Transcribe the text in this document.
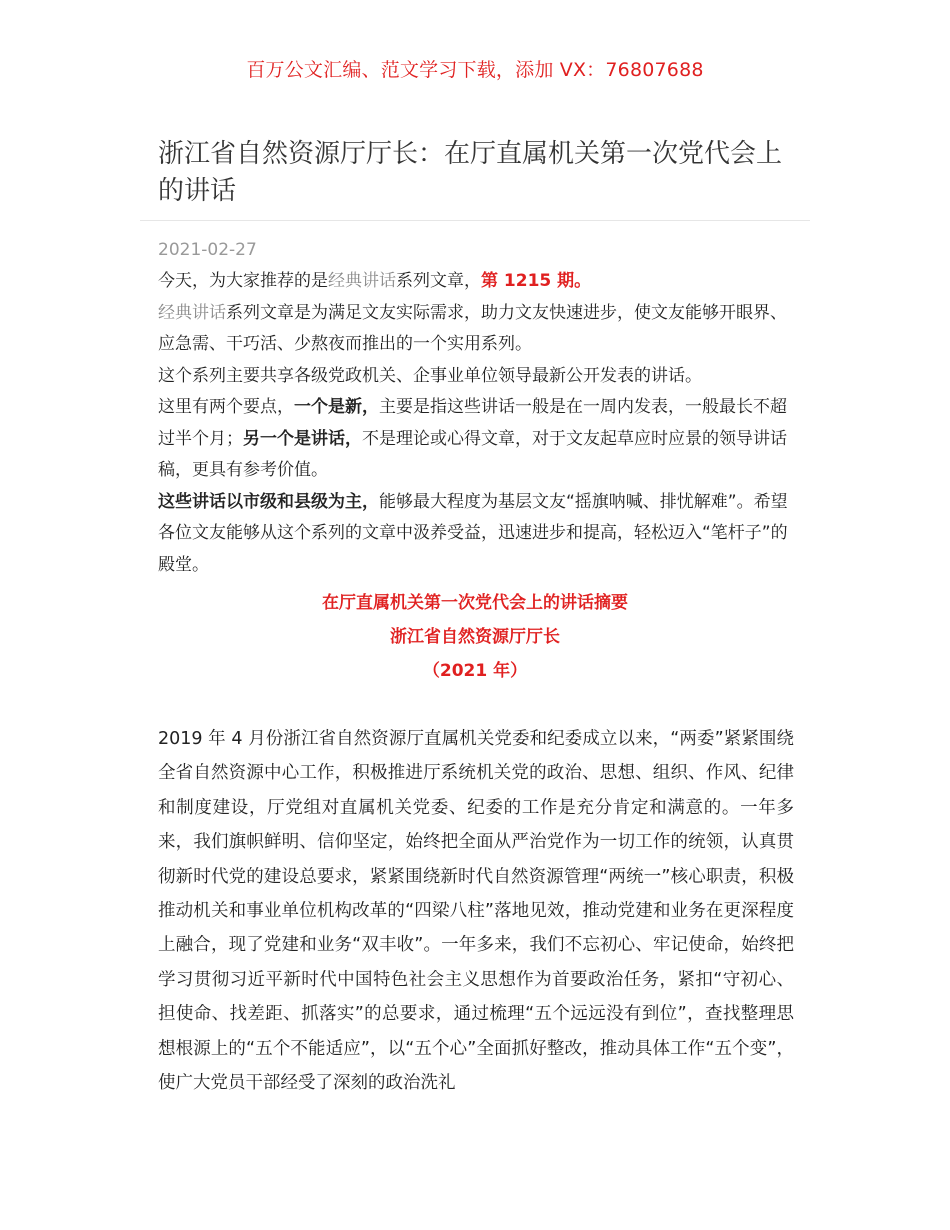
百万公文汇编、范文学习下载，添加 VX：76807688
浙江省自然资源厅厅长：在厅直属机关第一次党代会上的讲话
2021-02-27

今天，为大家推荐的是经典讲话系列文章，第 1215 期。

经典讲话系列文章是为满足文友实际需求，助力文友快速进步，使文友能够开眼界、应急需、干巧活、少熬夜而推出的一个实用系列。

这个系列主要共享各级党政机关、企事业单位领导最新公开发表的讲话。

这里有两个要点，一个是新，主要是指这些讲话一般是在一周内发表，一般最长不超过半个月；另一个是讲话，不是理论或心得文章，对于文友起草应时应景的领导讲话稿，更具有参考价值。

这些讲话以市级和县级为主，能够最大程度为基层文友“摇旗呐喊、排忧解难”。希望各位文友能够从这个系列的文章中汲养受益，迅速进步和提高，轻松迈入“笔杆子”的殿堂。

在厅直属机关第一次党代会上的讲话摘要
浙江省自然资源厅厅长
（2021 年）

2019 年 4 月份浙江省自然资源厅直属机关党委和纪委成立以来，“两委”紧紧围绕全省自然资源中心工作，积极推进厅系统机关党的政治、思想、组织、作风、纪律和制度建设，厅党组对直属机关党委、纪委的工作是充分肯定和满意的。一年多来，我们旗帜鲜明、信仰坚定，始终把全面从严治党作为一切工作的统领，认真贯彻新时代党的建设总要求，紧紧围绕新时代自然资源管理“两统一”核心职责，积极推动机关和事业单位机构改革的“四梁八柱”落地见效，推动党建和业务在更深程度上融合，现了党建和业务“双丰收”。一年多来，我们不忘初心、牢记使命，始终把学习贯彻习近平新时代中国特色社会主义思想作为首要政治任务，紧扣“守初心、担使命、找差距、抓落实”的总要求，通过梳理“五个远远没有到位”，查找整理思想根源上的“五个不能适应”，以“五个心”全面抓好整改，推动具体工作“五个变”，使广大党员干部经受了深刻的政治洗礼
